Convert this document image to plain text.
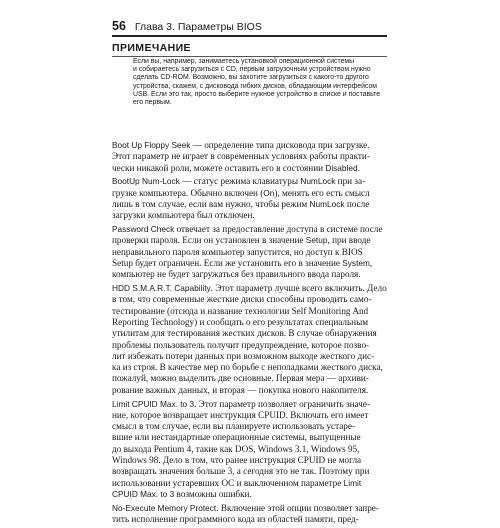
56 Глава 3. Параметры BIOS
ПРИМЕЧАНИЕ
Если вы, например, занимаетесь установкой операционной системы
и собираетесь загрузиться с CD, первым загрузочным устройством нужно
сделать CD-ROM. Возможно, вы захотите загрузиться с какого-то другого
устройства, скажем, с дисковода гибких дисков, обладающим интерфейсом
USB. Если это так, просто выберите нужное устройство в списке и поставьте
его первым.
Boot Up Floppy Seek — определение типа дисковода при загрузке.
Этот параметр не играет в современных условиях работы практи-
чески никакой роли, можете оставить его в состоянии Disabled.
BootUp Num-Lock — статус режима клавиатуры NumLock при за-
грузке компьютера. Обычно включен (On), менять его есть смысл
лишь в том случае, если вам нужно, чтобы режим NumLock после
загрузки компьютера был отключен.
Password Check отвечает за предоставление доступа в системе после
проверки пароля. Если он установлен в значение Setup, при вводе
неправильного пароля компьютер запустится, но доступ к BIOS
Setup будет ограничен. Если же установить его в значение System,
компьютер не будет загружаться без правильного ввода пароля.
HDD S.M.A.R.T. Capability. Этот параметр лучше всего включить. Дело
в том, что современные жесткие диски способны проводить само-
тестирование (отсюда и название технологии Self Monitoring And
Reporting Technology) и сообщать о его результатах специальным
утилитам для тестирования жестких дисков. В случае обнаружения
проблемы пользователь получит предупреждение, которое позво-
лит избежать потери данных при возможном выходе жесткого дис-
ка из строя. В качестве мер по борьбе с неполадками жесткого диска,
пожалуй, можно выделить две основные. Первая мера — архиви-
рование важных данных, и вторая — покупка нового накопителя.
Limit CPUID Max. to 3. Этот параметр позволяет ограничить значе-
ние, которое возвращает инструкция CPUID. Включать его имеет
смысл в том случае, если вы планируете использовать устаре-
вшие или нестандартные операционные системы, выпущенные
до выхода Pentium 4, такие как DOS, Windows 3.1, Windows 95,
Windows 98. Дело в том, что ранее инструкция CPUID не могла
возвращать значения больше 3, а сегодня это не так. Поэтому при
использовании устаревших ОС и выключенном параметре Limit
CPUID Max. to 3 возможны ошибки.
No-Execute Memory Protect. Включение этой опции позволяет запре-
тить исполнение программного кода из областей памяти, пред-
